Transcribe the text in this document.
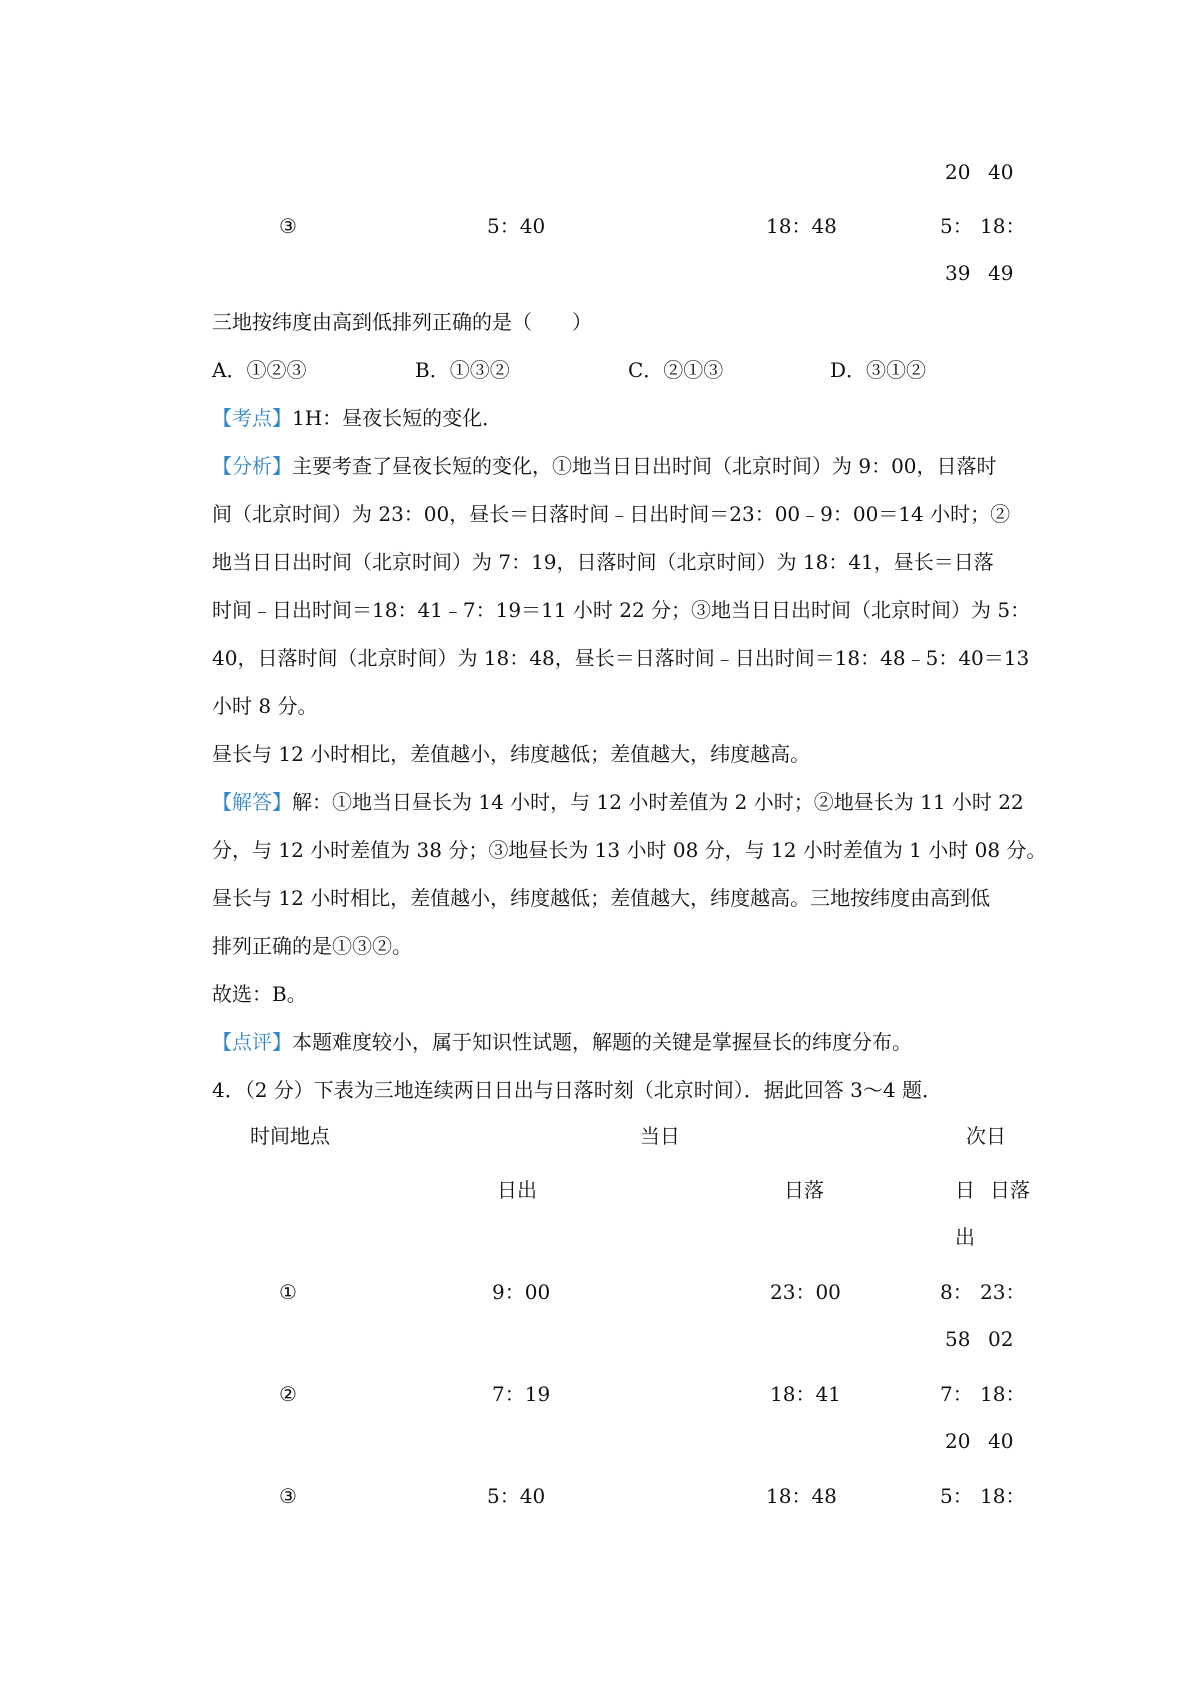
20 40
③	5：40	18：48	5： 18：
39 49
三地按纬度由高到低排列正确的是（　　）
A．①②③	B．①③②	C．②①③	D．③①②
【考点】1H：昼夜长短的变化．
【分析】主要考查了昼夜长短的变化，①地当日日出时间（北京时间）为 9：00，日落时
间（北京时间）为 23：00，昼长＝日落时间﹣日出时间＝23：00﹣9：00＝14 小时；②
地当日日出时间（北京时间）为 7：19，日落时间（北京时间）为 18：41，昼长＝日落
时间﹣日出时间＝18：41﹣7：19＝11 小时 22 分；③地当日日出时间（北京时间）为 5：
40，日落时间（北京时间）为 18：48，昼长＝日落时间﹣日出时间＝18：48﹣5：40＝13
小时 8 分。
昼长与 12 小时相比，差值越小，纬度越低；差值越大，纬度越高。
【解答】解：①地当日昼长为 14 小时，与 12 小时差值为 2 小时；②地昼长为 11 小时 22
分，与 12 小时差值为 38 分；③地昼长为 13 小时 08 分，与 12 小时差值为 1 小时 08 分。
昼长与 12 小时相比，差值越小，纬度越低；差值越大，纬度越高。三地按纬度由高到低
排列正确的是①③②。
故选：B。
【点评】本题难度较小，属于知识性试题，解题的关键是掌握昼长的纬度分布。
4．（2 分）下表为三地连续两日日出与日落时刻（北京时间）．据此回答 3～4 题．
时间地点	当日	次日
日出	日落	日 日落
出
①	9：00	23：00	8： 23：
58 02
②	7：19	18：41	7： 18：
20 40
③	5：40	18：48	5： 18：
